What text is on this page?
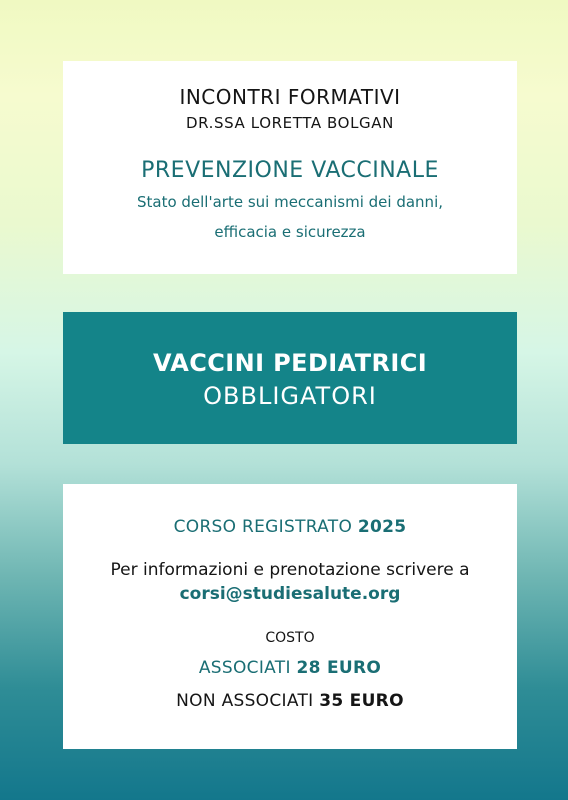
INCONTRI FORMATIVI
DR.SSA LORETTA BOLGAN
PREVENZIONE VACCINALE
Stato dell'arte sui meccanismi dei danni,
efficacia e sicurezza
VACCINI PEDIATRICI
OBBLIGATORI
CORSO REGISTRATO 2025
Per informazioni e prenotazione scrivere a
corsi@studiesalute.org
COSTO
ASSOCIATI 28 EURO
NON ASSOCIATI 35 EURO
